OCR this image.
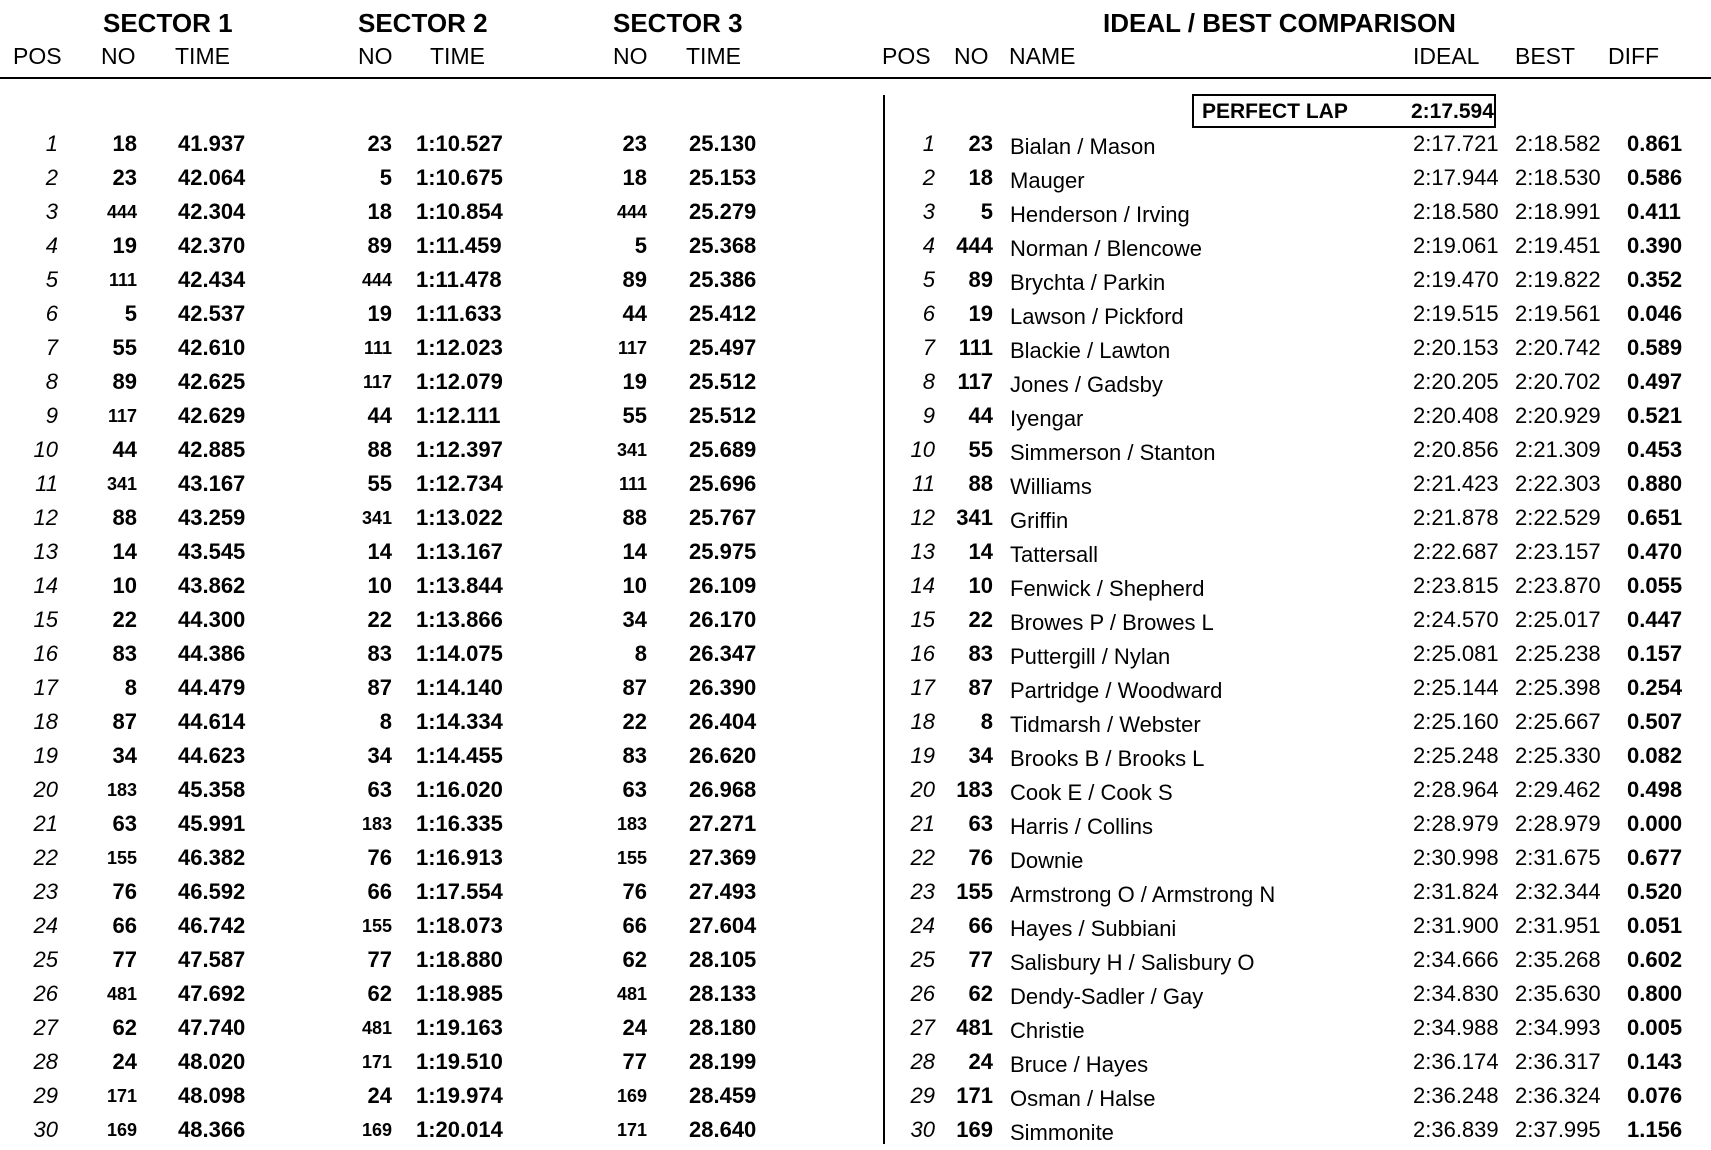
SECTOR 1	SECTOR 2	SECTOR 3	IDEAL / BEST COMPARISON
POS NO TIME	NO TIME	NO TIME	POS NO NAME	IDEAL BEST DIFF
PERFECT LAP	2:17.594
1	18 41.937	23 1:10.527	23 25.130	1	23 Bialan / Mason	2:17.721 2:18.582 0.861
2	23 42.064	5 1:10.675	18 25.153	2	18 Mauger	2:17.944 2:18.530 0.586
3	444 42.304	18 1:10.854	444 25.279	3	5 Henderson / Irving	2:18.580 2:18.991 0.411
4	19 42.370	89 1:11.459	5 25.368	4 444 Norman / Blencowe	2:19.061 2:19.451 0.390
5	111 42.434	444 1:11.478	89 25.386	5	89 Brychta / Parkin	2:19.470 2:19.822 0.352
6	5 42.537	19 1:11.633	44 25.412	6	19 Lawson / Pickford	2:19.515 2:19.561 0.046
7	55 42.610	111 1:12.023	117 25.497	7	111 Blackie / Lawton	2:20.153 2:20.742 0.589
8	89 42.625	117 1:12.079	19 25.512	8	117 Jones / Gadsby	2:20.205 2:20.702 0.497
9	117 42.629	44 1:12.111	55 25.512	9	44 Iyengar	2:20.408 2:20.929 0.521
10	44 42.885	88 1:12.397	341 25.689	10	55 Simmerson / Stanton	2:20.856 2:21.309 0.453
11	341 43.167	55 1:12.734	111 25.696	11	88 Williams	2:21.423 2:22.303 0.880
12	88 43.259	341 1:13.022	88 25.767	12 341 Griffin	2:21.878 2:22.529 0.651
13	14 43.545	14 1:13.167	14 25.975	13	14 Tattersall	2:22.687 2:23.157 0.470
14	10 43.862	10 1:13.844	10 26.109	14	10 Fenwick / Shepherd	2:23.815 2:23.870 0.055
15	22 44.300	22 1:13.866	34 26.170	15	22 Browes P / Browes L	2:24.570 2:25.017 0.447
16	83 44.386	83 1:14.075	8 26.347	16	83 Puttergill / Nylan	2:25.081 2:25.238 0.157
17	8 44.479	87 1:14.140	87 26.390	17	87 Partridge / Woodward	2:25.144 2:25.398 0.254
18	87 44.614	8 1:14.334	22 26.404	18	8 Tidmarsh / Webster	2:25.160 2:25.667 0.507
19	34 44.623	34 1:14.455	83 26.620	19	34 Brooks B / Brooks L	2:25.248 2:25.330 0.082
20	183 45.358	63 1:16.020	63 26.968	20 183 Cook E / Cook S	2:28.964 2:29.462 0.498
21	63 45.991	183 1:16.335	183 27.271	21	63 Harris / Collins	2:28.979 2:28.979 0.000
22	155 46.382	76 1:16.913	155 27.369	22	76 Downie	2:30.998 2:31.675 0.677
23	76 46.592	66 1:17.554	76 27.493	23 155 Armstrong O / Armstrong N	2:31.824 2:32.344 0.520
24	66 46.742	155 1:18.073	66 27.604	24	66 Hayes / Subbiani	2:31.900 2:31.951 0.051
25	77 47.587	77 1:18.880	62 28.105	25	77 Salisbury H / Salisbury O	2:34.666 2:35.268 0.602
26	481 47.692	62 1:18.985	481 28.133	26	62 Dendy-Sadler / Gay	2:34.830 2:35.630 0.800
27	62 47.740	481 1:19.163	24 28.180	27 481 Christie	2:34.988 2:34.993 0.005
28	24 48.020	171 1:19.510	77 28.199	28	24 Bruce / Hayes	2:36.174 2:36.317 0.143
29	171 48.098	24 1:19.974	169 28.459	29 171 Osman / Halse	2:36.248 2:36.324 0.076
30	169 48.366	169 1:20.014	171 28.640	30 169 Simmonite	2:36.839 2:37.995 1.156
